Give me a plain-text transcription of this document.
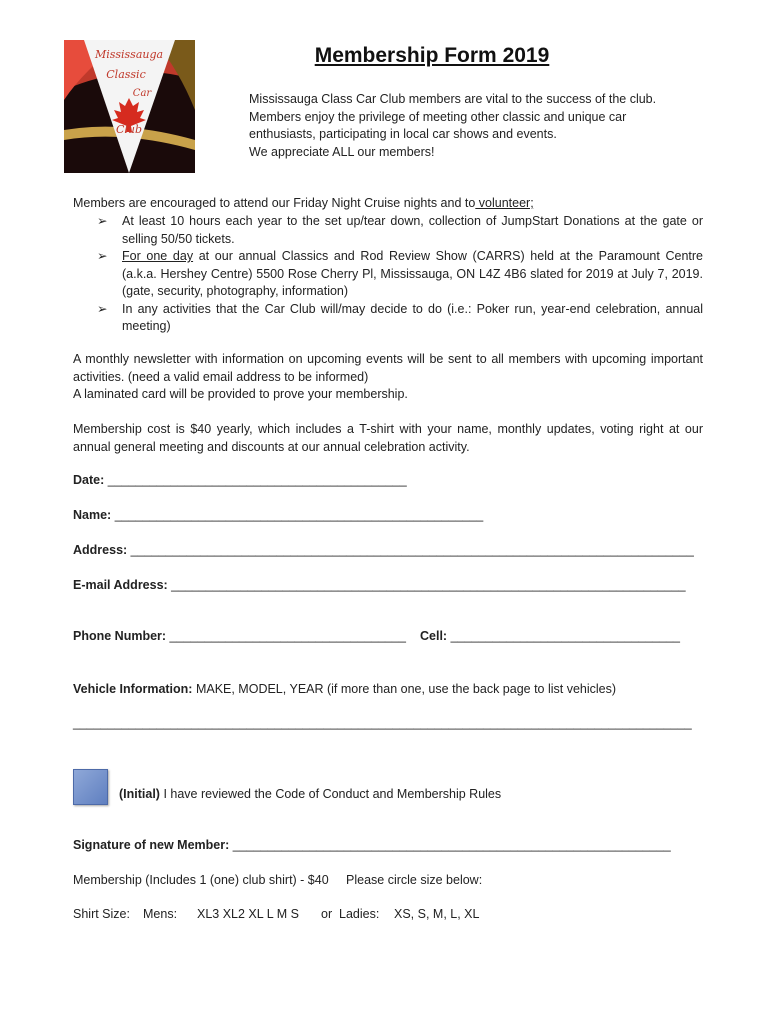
Mississauga
Classic
Car
Club
Membership Form 2019
Mississauga Class Car Club members are vital to the success of the club.
Members enjoy the privilege of meeting other classic and unique car
enthusiasts, participating in local car shows and events.
We appreciate ALL our members!
Members are encouraged to attend our Friday Night Cruise nights and to volunteer;
➢ At least 10 hours each year to the set up/tear down, collection of JumpStart Donations at the gate or selling 50/50 tickets.
➢ For one day at our annual Classics and Rod Review Show (CARRS) held at the Paramount Centre (a.k.a. Hershey Centre) 5500 Rose Cherry Pl, Mississauga, ON L4Z 4B6 slated for 2019 at July 7, 2019. (gate, security, photography, information)
➢ In any activities that the Car Club will/may decide to do (i.e.: Poker run, year-end celebration, annual meeting)
A monthly newsletter with information on upcoming events will be sent to all members with upcoming important activities. (need a valid email address to be informed)
A laminated card will be provided to prove your membership.
Membership cost is $40 yearly, which includes a T-shirt with your name, monthly updates, voting right at our annual general meeting and discounts at our annual celebration activity.
Date: ___________________________________________
Name: _____________________________________________________
Address: _________________________________________________________________________________
E-mail Address: __________________________________________________________________________
Phone Number: __________________________________ Cell: _________________________________
Vehicle Information: MAKE, MODEL, YEAR (if more than one, use the back page to list vehicles)
_________________________________________________________________________________________
(Initial) I have reviewed the Code of Conduct and Membership Rules
Signature of new Member: _______________________________________________________________
Membership (Includes 1 (one) club shirt) - $40 Please circle size below:
Shirt Size: Mens: XL3 XL2 XL L M S or Ladies: XS, S, M, L, XL
